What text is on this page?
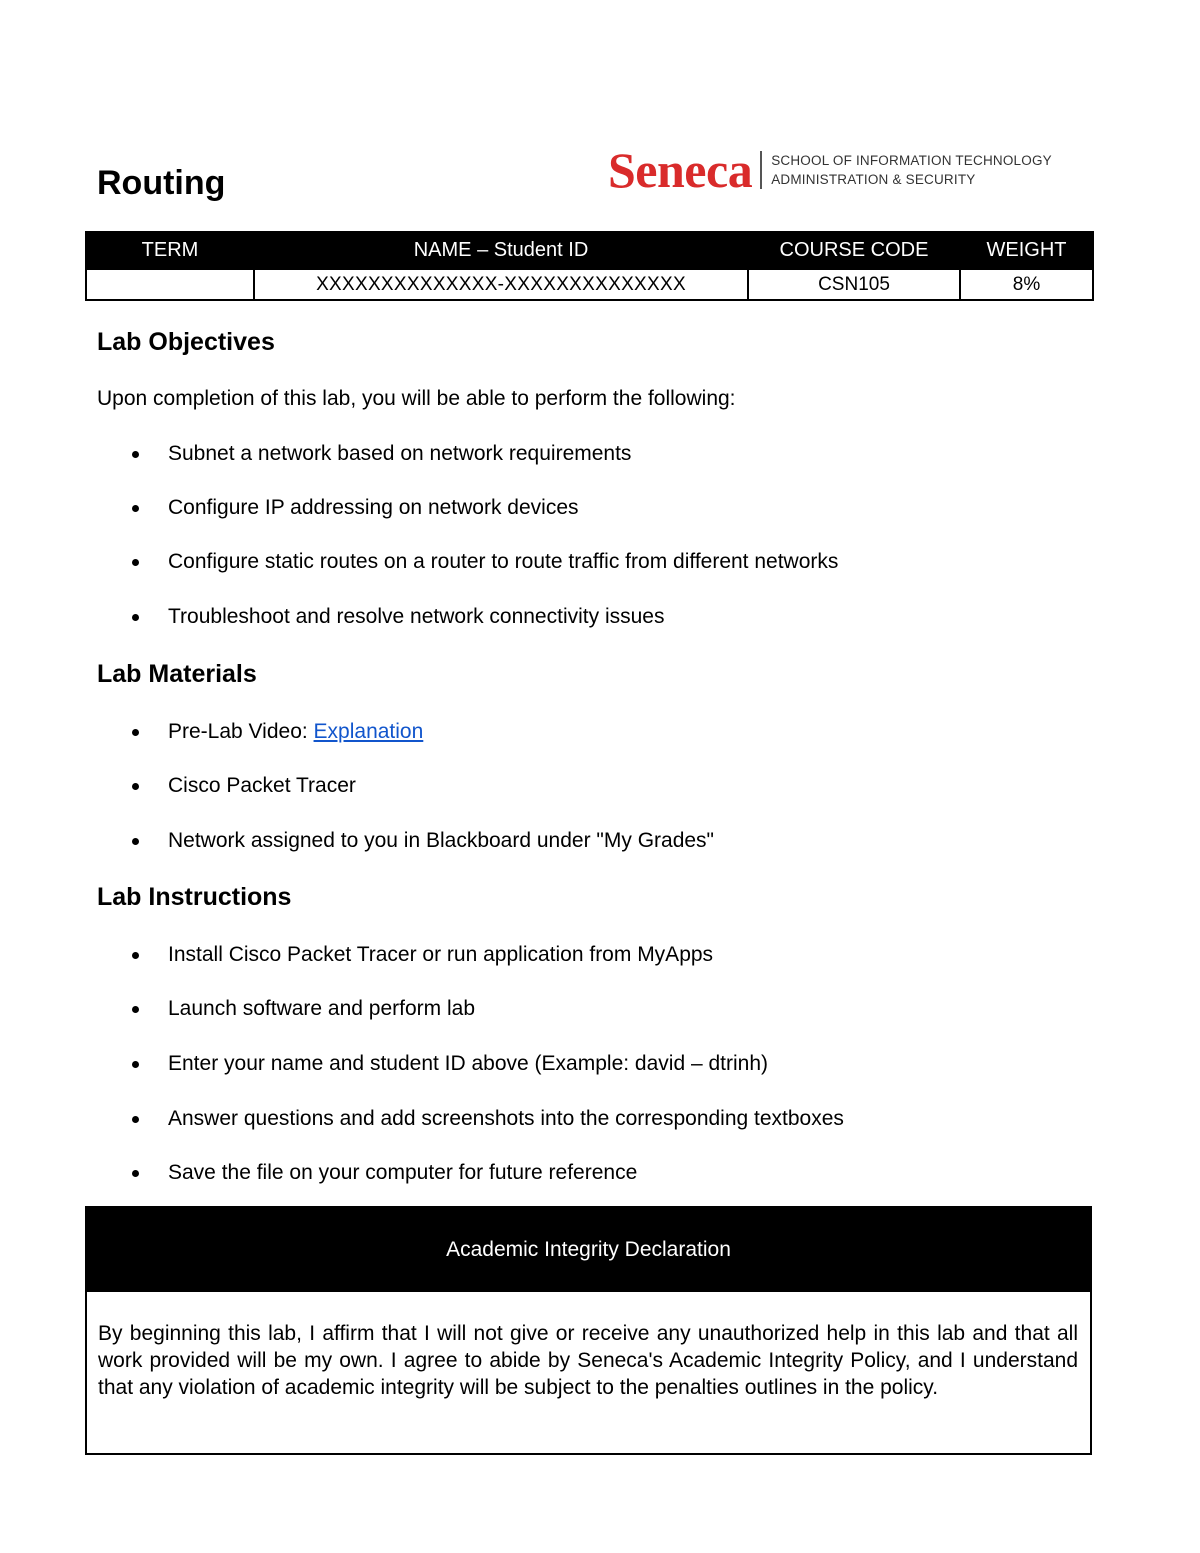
Routing	Seneca SCHOOL OF INFORMATION TECHNOLOGY
ADMINISTRATION & SECURITY
TERM	NAME – Student ID	COURSE CODE	WEIGHT
	XXXXXXXXXXXXXX-XXXXXXXXXXXXXX	CSN105	8%
Lab Objectives

Upon completion of this lab, you will be able to perform the following:

Subnet a network based on network requirements
Configure IP addressing on network devices
Configure static routes on a router to route traffic from different networks
Troubleshoot and resolve network connectivity issues
Lab Materials
Pre-Lab Video: Explanation
Cisco Packet Tracer
Network assigned to you in Blackboard under "My Grades"
Lab Instructions
Install Cisco Packet Tracer or run application from MyApps
Launch software and perform lab
Enter your name and student ID above (Example: david – dtrinh)
Answer questions and add screenshots into the corresponding textboxes
Save the file on your computer for future reference
Academic Integrity Declaration
By beginning this lab, I affirm that I will not give or receive any unauthorized help in this lab and that all work provided will be my own. I agree to abide by Seneca's Academic Integrity Policy, and I understand that any violation of academic integrity will be subject to the penalties outlines in the policy.
